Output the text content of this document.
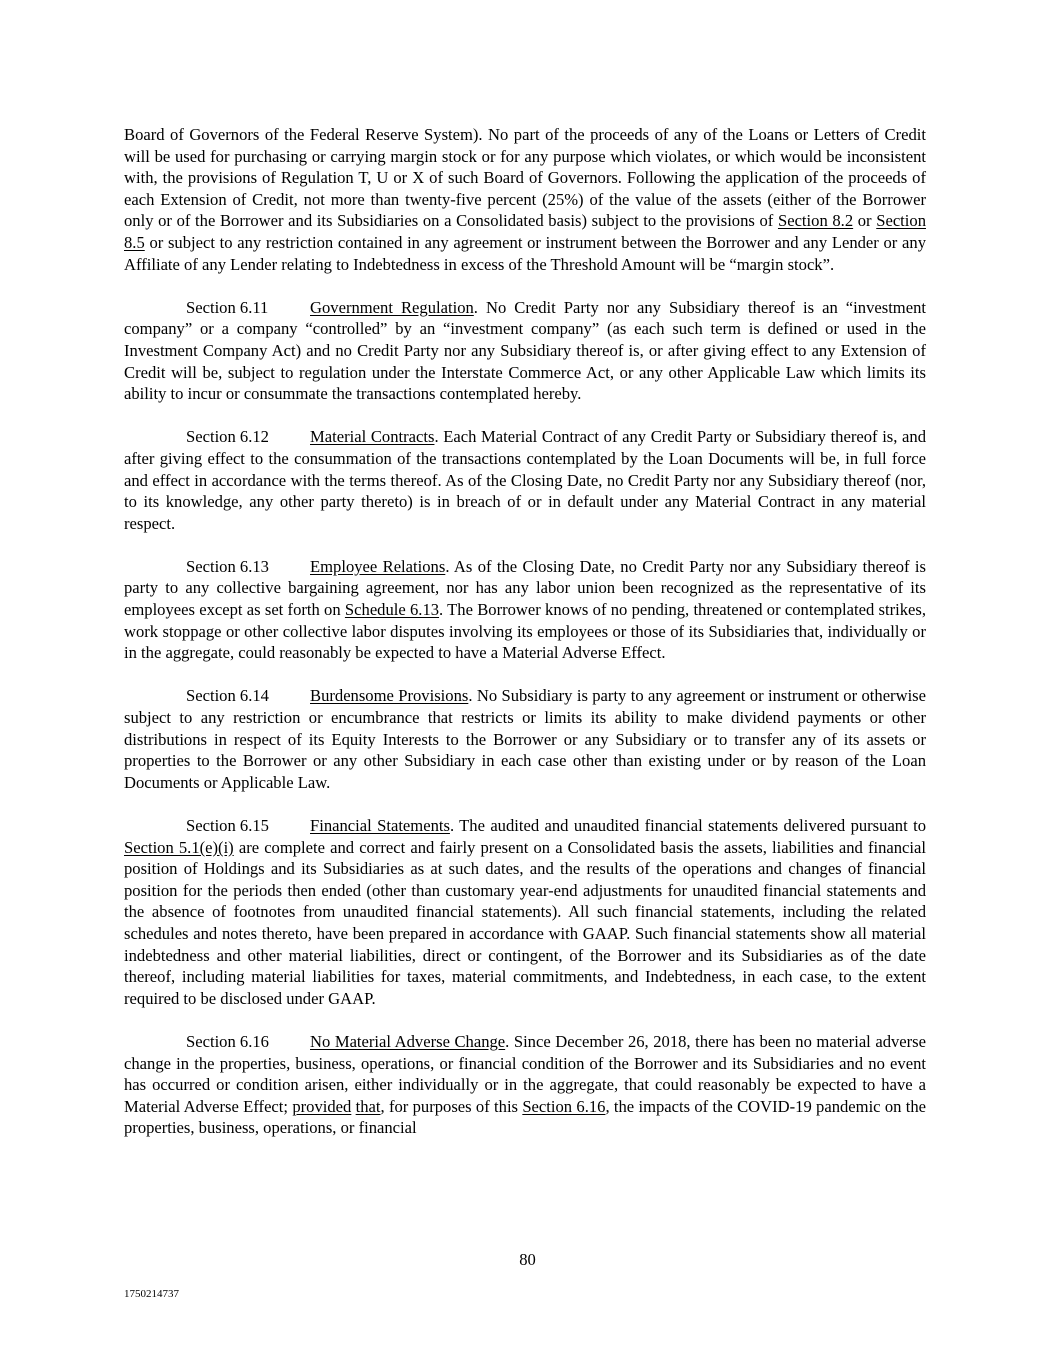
Board of Governors of the Federal Reserve System). No part of the proceeds of any of the Loans or Letters of Credit will be used for purchasing or carrying margin stock or for any purpose which violates, or which would be inconsistent with, the provisions of Regulation T, U or X of such Board of Governors. Following the application of the proceeds of each Extension of Credit, not more than twenty-five percent (25%) of the value of the assets (either of the Borrower only or of the Borrower and its Subsidiaries on a Consolidated basis) subject to the provisions of Section 8.2 or Section 8.5 or subject to any restriction contained in any agreement or instrument between the Borrower and any Lender or any Affiliate of any Lender relating to Indebtedness in excess of the Threshold Amount will be “margin stock”.

Section 6.11	Government Regulation. No Credit Party nor any Subsidiary thereof is an “investment company” or a company “controlled” by an “investment company” (as each such term is defined or used in the Investment Company Act) and no Credit Party nor any Subsidiary thereof is, or after giving effect to any Extension of Credit will be, subject to regulation under the Interstate Commerce Act, or any other Applicable Law which limits its ability to incur or consummate the transactions contemplated hereby.

Section 6.12 Material Contracts. Each Material Contract of any Credit Party or Subsidiary thereof is, and after giving effect to the consummation of the transactions contemplated by the Loan Documents will be, in full force and effect in accordance with the terms thereof. As of the Closing Date, no Credit Party nor any Subsidiary thereof (nor, to its knowledge, any other party thereto) is in breach of or in default under any Material Contract in any material respect.

Section 6.13 Employee Relations. As of the Closing Date, no Credit Party nor any Subsidiary thereof is party to any collective bargaining agreement, nor has any labor union been recognized as the representative of its employees except as set forth on Schedule 6.13. The Borrower knows of no pending, threatened or contemplated strikes, work stoppage or other collective labor disputes involving its employees or those of its Subsidiaries that, individually or in the aggregate, could reasonably be expected to have a Material Adverse Effect.

Section 6.14 Burdensome Provisions. No Subsidiary is party to any agreement or instrument or otherwise subject to any restriction or encumbrance that restricts or limits its ability to make dividend payments or other distributions in respect of its Equity Interests to the Borrower or any Subsidiary or to transfer any of its assets or properties to the Borrower or any other Subsidiary in each case other than existing under or by reason of the Loan Documents or Applicable Law.

Section 6.15 Financial Statements. The audited and unaudited financial statements delivered pursuant to Section 5.1(e)(i) are complete and correct and fairly present on a Consolidated basis the assets, liabilities and financial position of Holdings and its Subsidiaries as at such dates, and the results of the operations and changes of financial position for the periods then ended (other than customary year-end adjustments for unaudited financial statements and the absence of footnotes from unaudited financial statements). All such financial statements, including the related schedules and notes thereto, have been prepared in accordance with GAAP. Such financial statements show all material indebtedness and other material liabilities, direct or contingent, of the Borrower and its Subsidiaries as of the date thereof, including material liabilities for taxes, material commitments, and Indebtedness, in each case, to the extent required to be disclosed under GAAP.

Section 6.16 No Material Adverse Change. Since December 26, 2018, there has been no material adverse change in the properties, business, operations, or financial condition of the Borrower and its Subsidiaries and no event has occurred or condition arisen, either individually or in the aggregate, that could reasonably be expected to have a Material Adverse Effect; provided that, for purposes of this Section 6.16, the impacts of the COVID-19 pandemic on the properties, business, operations, or financial

80
1750214737
